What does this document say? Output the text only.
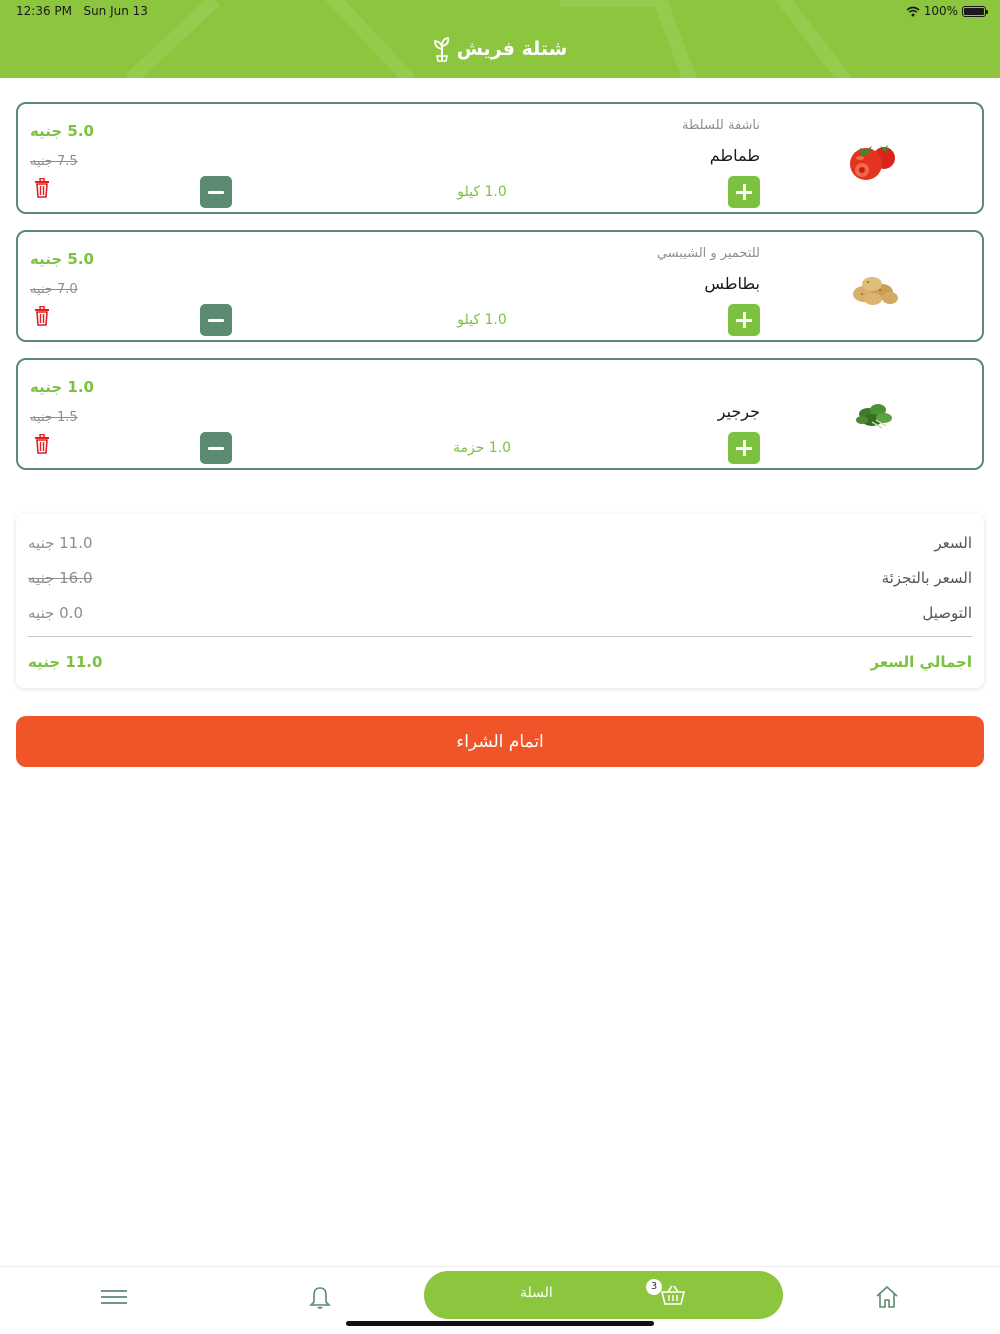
12:36 PM Sun Jun 13	100%
شتلة فريش
5.0 جنيه
7.5 جنيه
1.0 كيلو
ناشفة للسلطة
طماطم
5.0 جنيه
7.0 جنيه
1.0 كيلو
للتحمير و الشيبسي
بطاطس
1.0 جنيه
1.5 جنيه
1.0 حزمة
جرجير
11.0 جنيه	السعر
16.0 جنيه	السعر بالتجزئة
0.0 جنيه	التوصيل
11.0 جنيه	اجمالي السعر
اتمام الشراء
السلة	3
